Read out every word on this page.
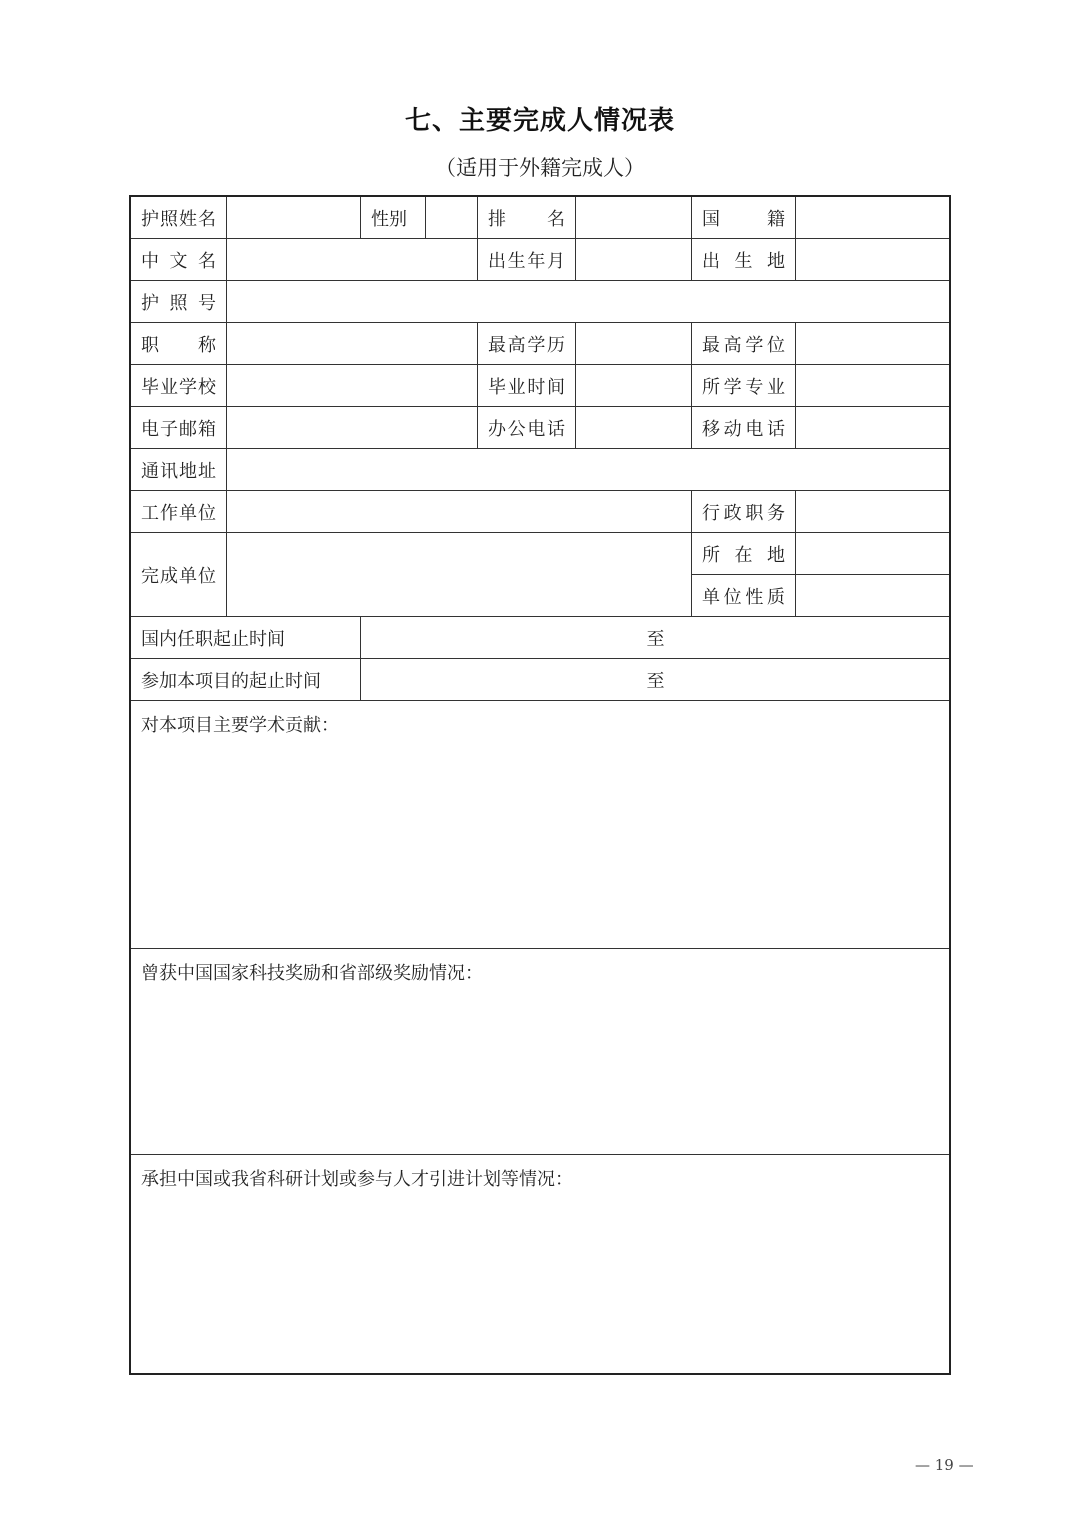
七、主要完成人情况表
（适用于外籍完成人）
护照姓名		性别		排　　名		国　　籍	
中 文 名				出生年月		出 生 地	
护 照 号							
职　　称				最高学历		最高学位	
毕业学校				毕业时间		所学专业	
电子邮箱				办公电话		移动电话	
通讯地址							
工作单位						行政职务	
完成单位						所 在 地	
						单位性质	
国内任职起止时间		至					
参加本项目的起止时间		至					
对本项目主要学术贡献：							
曾获中国国家科技奖励和省部级奖励情况：							
承担中国或我省科研计划或参与人才引进计划等情况：							
— 19 —
